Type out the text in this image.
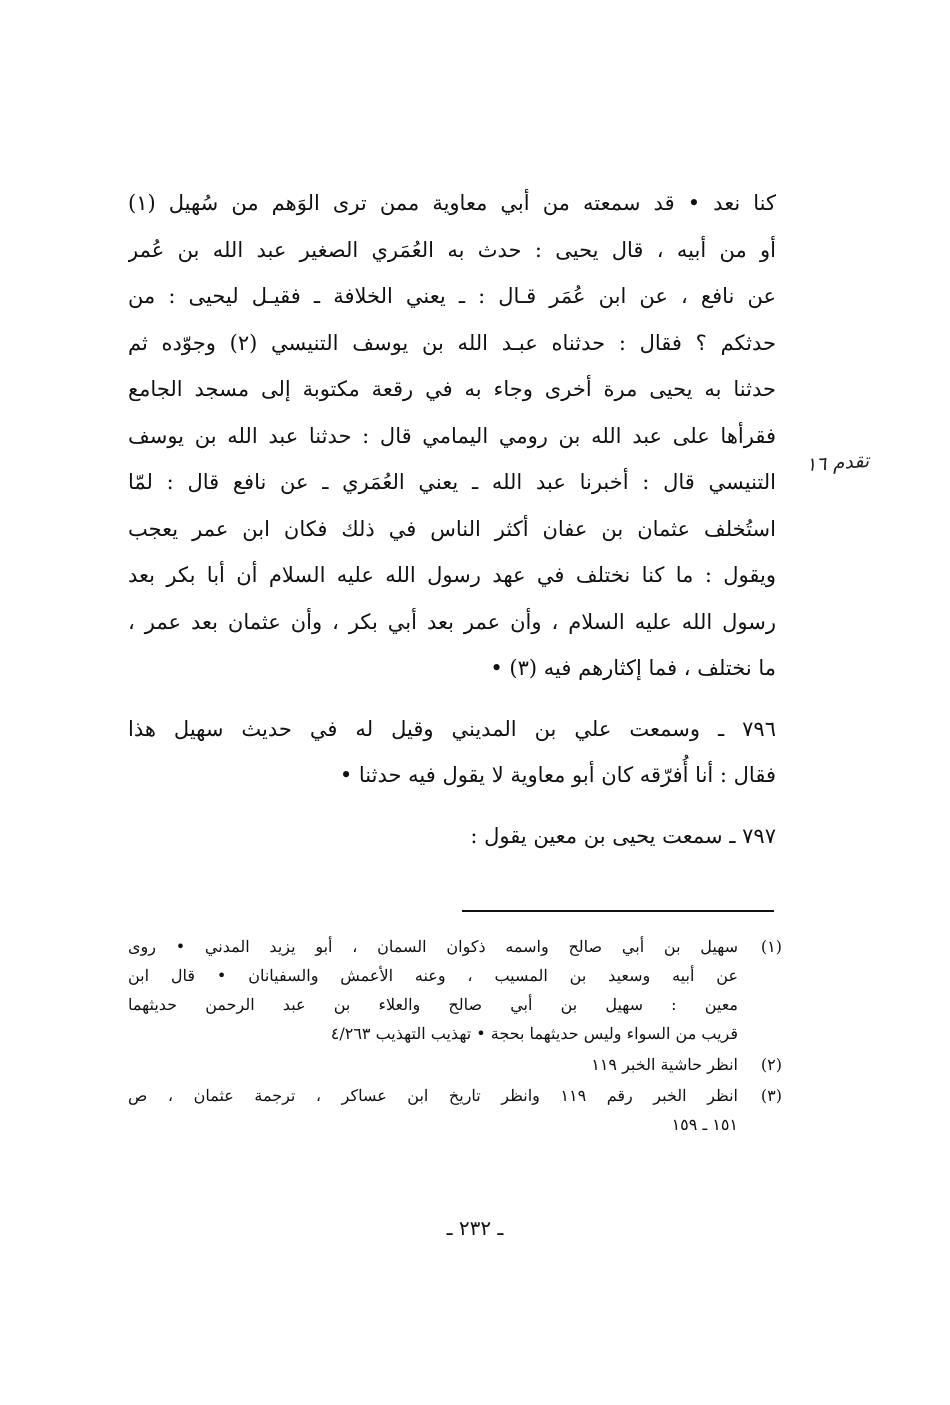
كنا نعد • قد سمعته من أبي معاوية ممن ترى الوَهم من سُهيل (١)
أو من أبيه ، قال يحيى : حدث به العُمَري الصغير عبد الله بن عُمر
عن نافع ، عن ابن عُمَر قـال : ـ يعني الخلافة ـ فقيـل ليحيى : من
حدثكم ؟ فقال : حدثناه عبـد الله بن يوسف التنيسي (٢) وجوّده ثم
حدثنا به يحيى مرة أخرى وجاء به في رقعة مكتوبة إلى مسجد الجامع
فقرأها على عبد الله بن رومي اليمامي قال : حدثنا عبد الله بن يوسف
التنيسي قال : أخبرنا عبد الله ـ يعني العُمَري ـ عن نافع قال : لمّا
استُخلف عثمان بن عفان أكثر الناس في ذلك فكان ابن عمر يعجب
ويقول : ما كنا نختلف في عهد رسول الله عليه السلام أن أبا بكر بعد
رسول الله عليه السلام ، وأن عمر بعد أبي بكر ، وأن عثمان بعد عمر ،
ما نختلف ، فما إكثارهم فيه (٣) •
٧٩٦ ـ وسمعت علي بن المديني وقيل له في حديث سهيل هذا
فقال : أنا أُفرّقه كان أبو معاوية لا يقول فيه حدثنا •
٧٩٧ ـ سمعت يحيى بن معين يقول :
تقدم ١٦
(١)
سهيل بن أبي صالح واسمه ذكوان السمان ، أبو يزيد المدني • روى
عن أبيه وسعيد بن المسيب ، وعنه الأعمش والسفيانان • قال ابن
معين : سهيل بن أبي صالح والعلاء بن عبد الرحمن حديثهما
قريب من السواء وليس حديثهما بحجة • تهذيب التهذيب ٤/٢٦٣
(٢)
انظر حاشية الخبر ١١٩
(٣)
انظر الخبر رقم ١١٩ وانظر تاريخ ابن عساكر ، ترجمة عثمان ، ص
١٥١ ـ ١٥٩
ـ ٢٣٢ ـ
